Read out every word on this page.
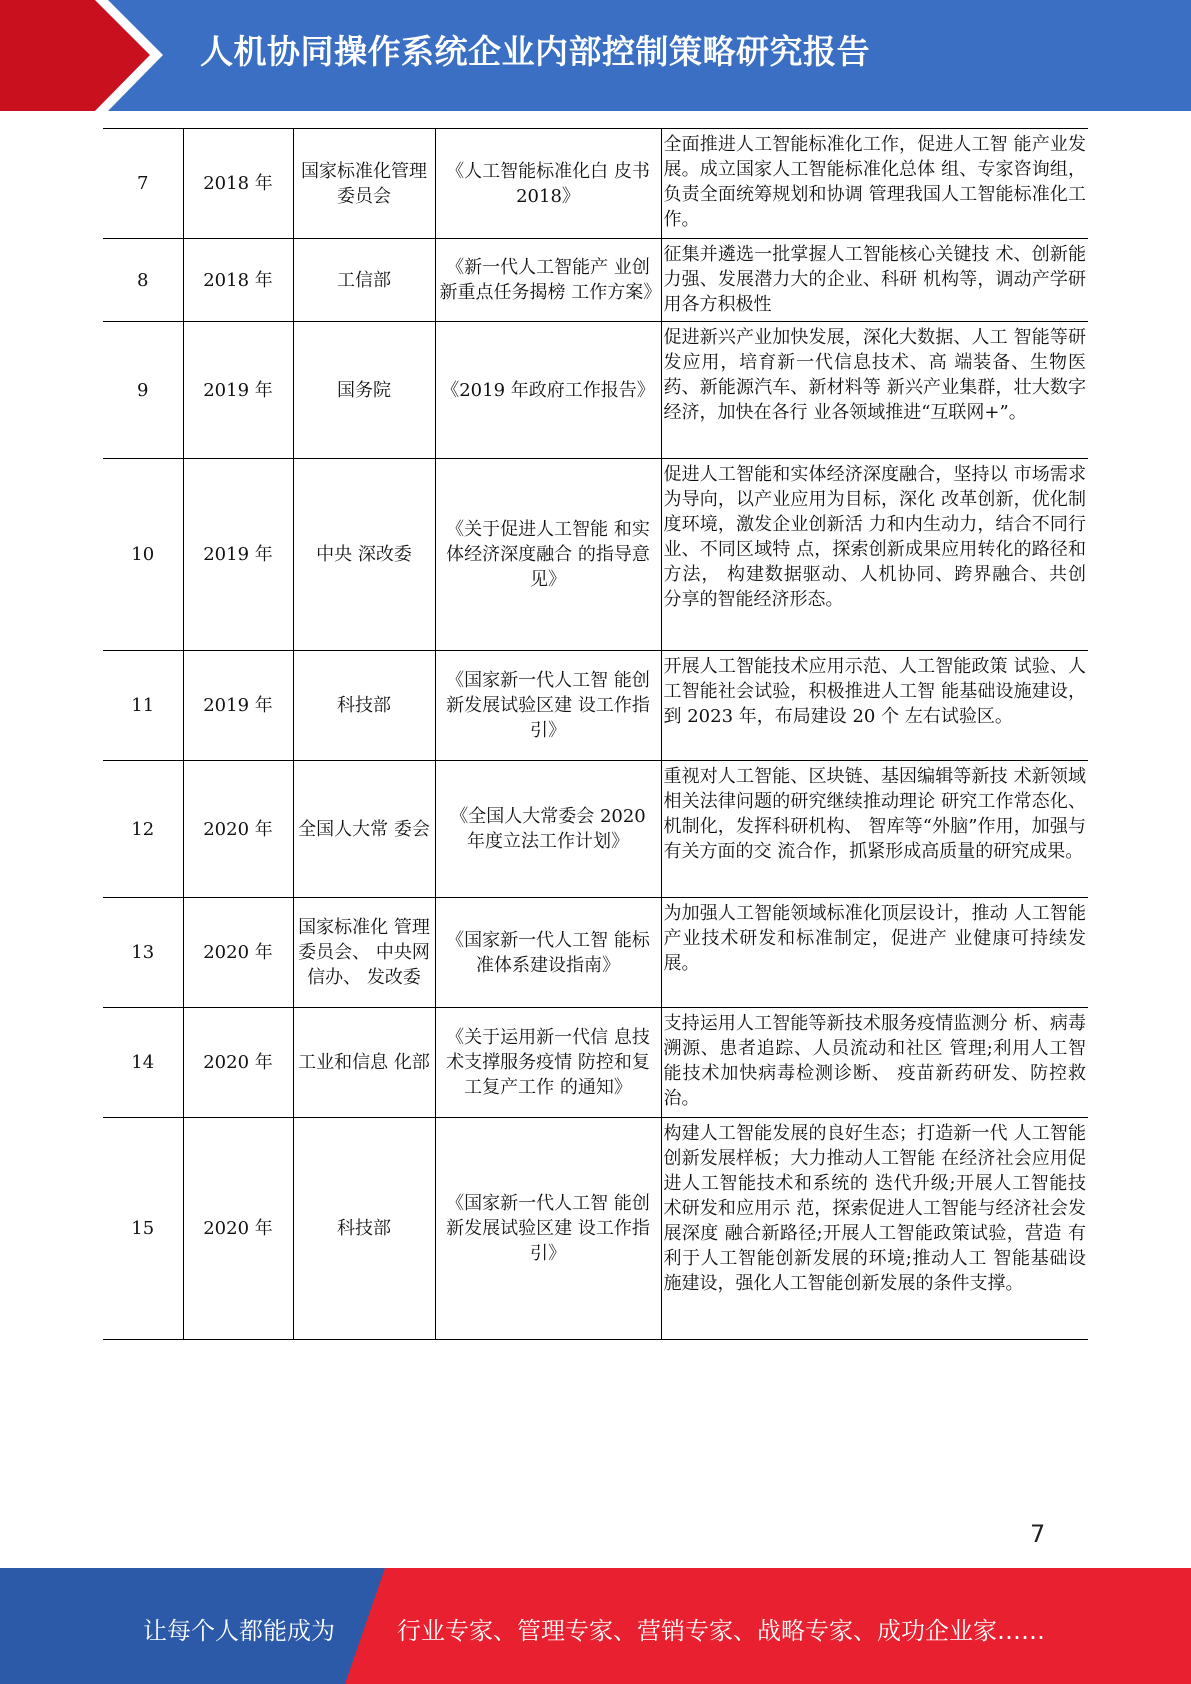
人机协同操作系统企业内部控制策略研究报告
7	2018 年	国家标准化管理委员会	《人工智能标准化白 皮书 2018》	全面推进人工智能标准化工作，促进人工智 能产业发展。成立国家人工智能标准化总体 组、专家咨询组，负责全面统筹规划和协调 管理我国人工智能标准化工作。
8	2018 年	工信部	《新一代人工智能产 业创新重点任务揭榜 工作方案》	征集并遴选一批掌握人工智能核心关键技 术、创新能力强、发展潜力大的企业、科研 机构等，调动产学研用各方积极性
9	2019 年	国务院	《2019 年政府工作报告》	促进新兴产业加快发展，深化大数据、人工 智能等研发应用，培育新一代信息技术、高 端装备、生物医药、新能源汽车、新材料等 新兴产业集群，壮大数字经济，加快在各行 业各领域推进“互联网+”。
10	2019 年	中央 深改委	《关于促进人工智能 和实体经济深度融合 的指导意见》	促进人工智能和实体经济深度融合，坚持以 市场需求为导向，以产业应用为目标，深化 改革创新，优化制度环境，激发企业创新活 力和内生动力，结合不同行业、不同区域特 点，探索创新成果应用转化的路径和方法， 构建数据驱动、人机协同、跨界融合、共创 分享的智能经济形态。
11	2019 年	科技部	《国家新一代人工智 能创新发展试验区建 设工作指引》	开展人工智能技术应用示范、人工智能政策 试验、人工智能社会试验，积极推进人工智 能基础设施建设，到 2023 年，布局建设 20 个 左右试验区。
12	2020 年	全国人大常 委会	《全国人大常委会 2020 年度立法工作计划》	重视对人工智能、区块链、基因编辑等新技 术新领域相关法律问题的研究继续推动理论 研究工作常态化、机制化，发挥科研机构、 智库等“外脑”作用，加强与有关方面的交 流合作，抓紧形成高质量的研究成果。
13	2020 年	国家标准化 管理委员会、 中央网信办、 发改委	《国家新一代人工智 能标准体系建设指南》	为加强人工智能领域标准化顶层设计，推动 人工智能产业技术研发和标准制定，促进产 业健康可持续发展。
14	2020 年	工业和信息 化部	《关于运用新一代信 息技术支撑服务疫情 防控和复工复产工作 的通知》	支持运用人工智能等新技术服务疫情监测分 析、病毒溯源、患者追踪、人员流动和社区 管理;利用人工智能技术加快病毒检测诊断、 疫苗新药研发、防控救治。
15	2020 年	科技部	《国家新一代人工智 能创新发展试验区建 设工作指引》	构建人工智能发展的良好生态；打造新一代 人工智能创新发展样板；大力推动人工智能 在经济社会应用促进人工智能技术和系统的 迭代升级;开展人工智能技术研发和应用示 范，探索促进人工智能与经济社会发展深度 融合新路径;开展人工智能政策试验，营造 有利于人工智能创新发展的环境;推动人工 智能基础设施建设，强化人工智能创新发展的条件支撑。
7
让每个人都能成为	行业专家、管理专家、营销专家、战略专家、成功企业家……
